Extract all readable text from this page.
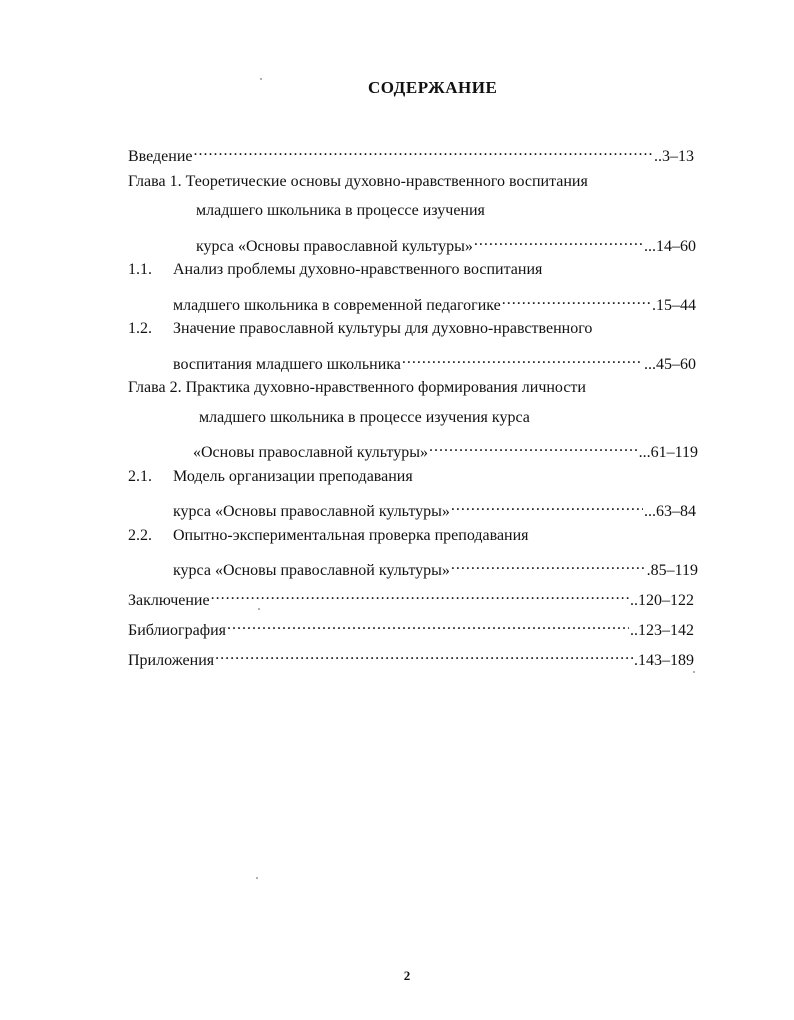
СОДЕРЖАНИЕ
Введение .....	..3–13
Глава 1. Теоретические основы духовно-нравственного воспитания
младшего школьника в процессе изучения
курса «Основы православной культуры» .....	...14–60
1.1. Анализ проблемы духовно-нравственного воспитания
младшего школьника в современной педагогике .....	.15–44
1.2. Значение православной культуры для духовно-нравственного
воспитания младшего школьника .....	...45–60
Глава 2. Практика духовно-нравственного формирования личности
младшего школьника в процессе изучения курса
«Основы православной культуры» .....	...61–119
2.1. Модель организации преподавания
курса «Основы православной культуры» .....	...63–84
2.2. Опытно-экспериментальная проверка преподавания
курса «Основы православной культуры» .....	.85–119
Заключение .....	..120–122
Библиография .....	..123–142
Приложения .....	.143–189
2
